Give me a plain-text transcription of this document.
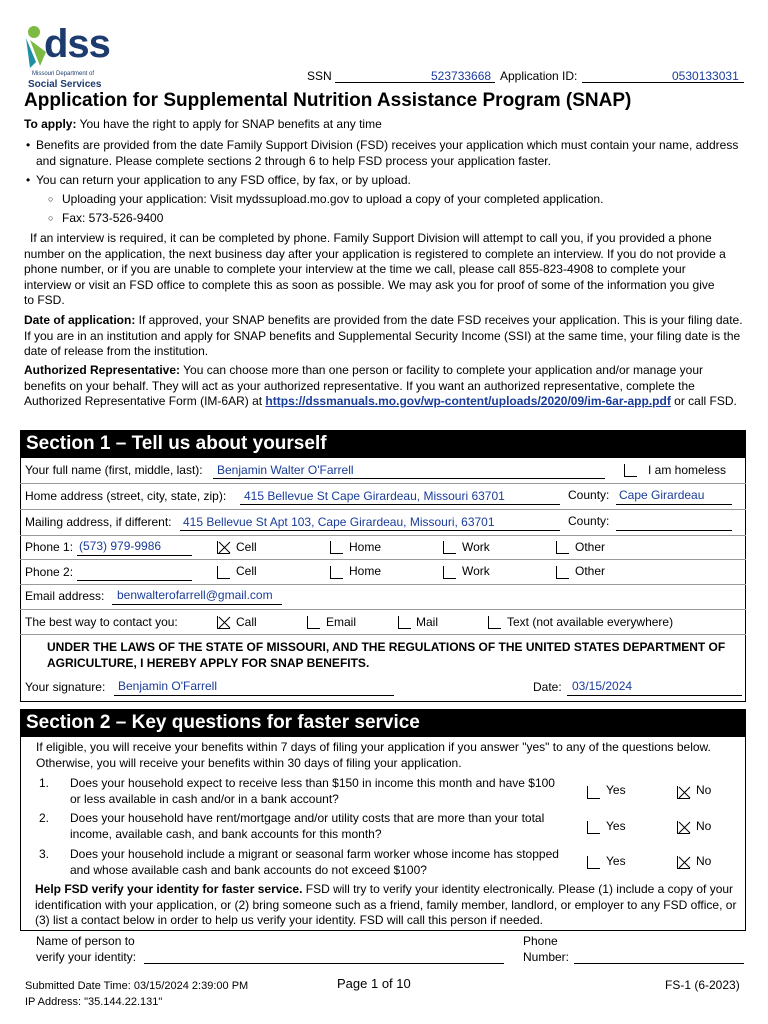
dss
Missouri Department of
Social Services
SSN	523733668 Application ID:	0530133031
Application for Supplemental Nutrition Assistance Program (SNAP)
To apply: You have the right to apply for SNAP benefits at any time
• Benefits are provided from the date Family Support Division (FSD) receives your application which must contain your name, address and signature. Please complete sections 2 through 6 to help FSD process your application faster.
• You can return your application to any FSD office, by fax, or by upload.
○ Uploading your application: Visit mydssupload.mo.gov to upload a copy of your completed application.
○ Fax: 573-526-9400
If an interview is required, it can be completed by phone. Family Support Division will attempt to call you, if you provided a phone number on the application, the next business day after your application is registered to complete an interview. If you do not provide a phone number, or if you are unable to complete your interview at the time we call, please call 855-823-4908 to complete your interview or visit an FSD office to complete this as soon as possible. We may ask you for proof of some of the information you give to FSD.
Date of application: If approved, your SNAP benefits are provided from the date FSD receives your application. This is your filing date. If you are in an institution and apply for SNAP benefits and Supplemental Security Income (SSI) at the same time, your filing date is the date of release from the institution.
Authorized Representative: You can choose more than one person or facility to complete your application and/or manage your benefits on your behalf. They will act as your authorized representative. If you want an authorized representative, complete the Authorized Representative Form (IM-6AR) at https://dssmanuals.mo.gov/wp-content/uploads/2020/09/im-6ar-app.pdf or call FSD.
Section 1 – Tell us about yourself
Your full name (first, middle, last): Benjamin Walter O'Farrell	I am homeless
Home address (street, city, state, zip): 415 Bellevue St Cape Girardeau, Missouri 63701	County: Cape Girardeau
Mailing address, if different: 415 Bellevue St Apt 103, Cape Girardeau, Missouri, 63701	County:
Phone 1: (573) 979-9986	Cell	Home	Work	Other
Phone 2:	Cell	Home	Work	Other
Email address: benwalterofarrell@gmail.com
The best way to contact you:	Call	Email	Mail	Text (not available everywhere)
UNDER THE LAWS OF THE STATE OF MISSOURI, AND THE REGULATIONS OF THE UNITED STATES DEPARTMENT OF AGRICULTURE, I HEREBY APPLY FOR SNAP BENEFITS.
Your signature: Benjamin O'Farrell	Date: 03/15/2024
Section 2 – Key questions for faster service
If eligible, you will receive your benefits within 7 days of filing your application if you answer "yes" to any of the questions below. Otherwise, you will receive your benefits within 30 days of filing your application.
1. Does your household expect to receive less than $150 in income this month and have $100 or less available in cash and/or in a bank account?
Yes	No
2. Does your household have rent/mortgage and/or utility costs that are more than your total income, available cash, and bank accounts for this month?
Yes	No
3. Does your household include a migrant or seasonal farm worker whose income has stopped and whose available cash and bank accounts do not exceed $100?
Yes	No
Help FSD verify your identity for faster service. FSD will try to verify your identity electronically. Please (1) include a copy of your identification with your application, or (2) bring someone such as a friend, family member, landlord, or employer to any FSD office, or (3) list a contact below in order to help us verify your identity. FSD will call this person if needed.
Name of person to
verify your identity:
Phone
Number:
Submitted Date Time: 03/15/2024 2:39:00 PM
IP Address: "35.144.22.131"
Page 1 of 10	FS-1 (6-2023)
